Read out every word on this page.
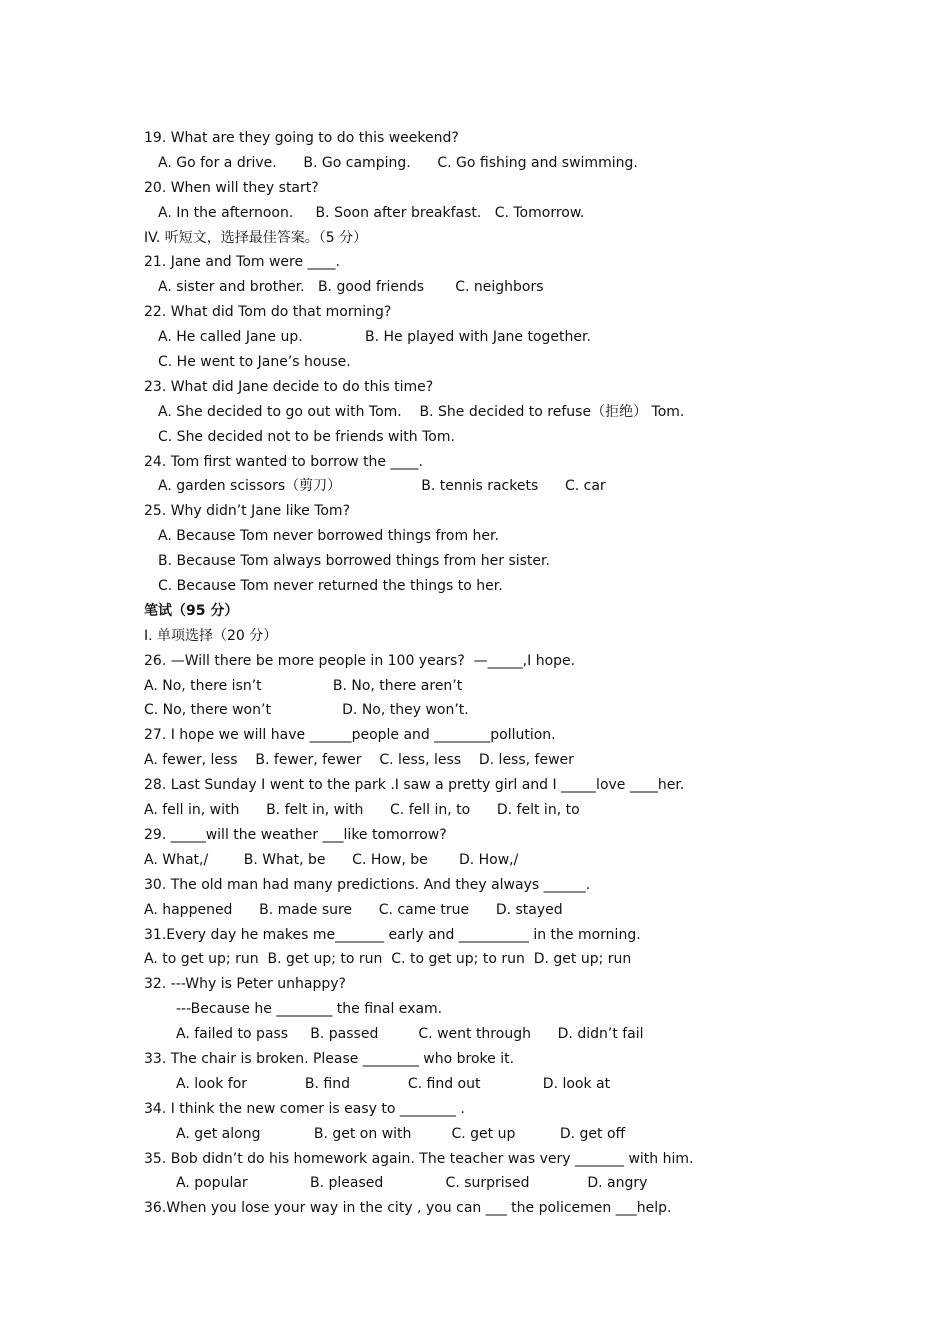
19. What are they going to do this weekend?
A. Go for a drive.      B. Go camping.      C. Go fishing and swimming.
20. When will they start?
A. In the afternoon.     B. Soon after breakfast.   C. Tomorrow.
IV. 听短文，选择最佳答案。（5 分）
21. Jane and Tom were ____.
A. sister and brother.   B. good friends       C. neighbors
22. What did Tom do that morning?
A. He called Jane up.              B. He played with Jane together.
C. He went to Jane’s house.
23. What did Jane decide to do this time?
A. She decided to go out with Tom.    B. She decided to refuse（拒绝） Tom.
C. She decided not to be friends with Tom.
24. Tom first wanted to borrow the ____.
A. garden scissors（剪刀）                  B. tennis rackets      C. car
25. Why didn’t Jane like Tom?
A. Because Tom never borrowed things from her.
B. Because Tom always borrowed things from her sister.
C. Because Tom never returned the things to her.
笔试（95 分）
I. 单项选择（20 分）
26. —Will there be more people in 100 years?  —_____,I hope.
A. No, there isn’t                B. No, there aren’t
C. No, there won’t                D. No, they won’t.
27. I hope we will have ______people and ________pollution.
A. fewer, less    B. fewer, fewer    C. less, less    D. less, fewer
28. Last Sunday I went to the park .I saw a pretty girl and I _____love ____her.
A. fell in, with      B. felt in, with      C. fell in, to      D. felt in, to
29. _____will the weather ___like tomorrow?
A. What,/        B. What, be      C. How, be       D. How,/
30. The old man had many predictions. And they always ______.
A. happened      B. made sure      C. came true      D. stayed
31.Every day he makes me_______ early and __________ in the morning.
A. to get up; run  B. get up; to run  C. to get up; to run  D. get up; run
32. ---Why is Peter unhappy?
---Because he ________ the final exam.
A. failed to pass     B. passed         C. went through      D. didn’t fail
33. The chair is broken. Please ________ who broke it.
A. look for             B. find             C. find out              D. look at
34. I think the new comer is easy to ________ .
A. get along            B. get on with         C. get up          D. get off
35. Bob didn’t do his homework again. The teacher was very _______ with him.
A. popular              B. pleased              C. surprised             D. angry
36.When you lose your way in the city , you can ___ the policemen ___help.
